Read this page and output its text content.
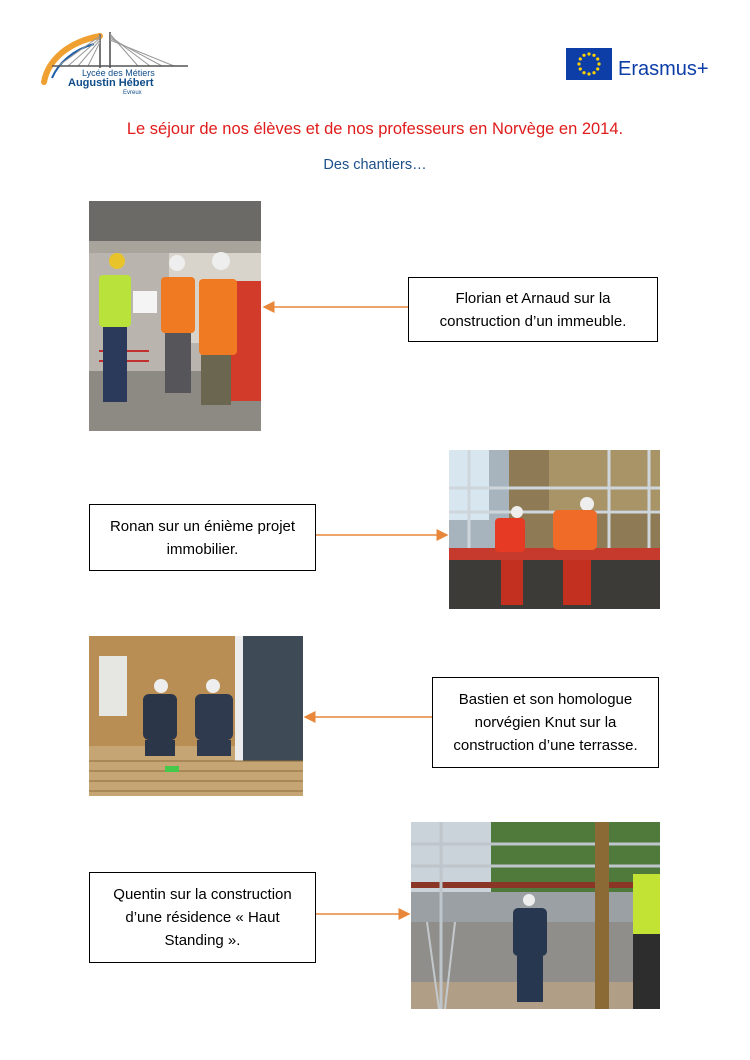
Lycée des Métiers
Augustin Hébert
Evreux
Erasmus+
Le séjour de nos élèves et de nos professeurs en Norvège en 2014.
Des chantiers…
Florian et Arnaud sur la
construction d’un immeuble.
Ronan sur un énième projet
immobilier.
Bastien et son homologue
norvégien Knut sur la
construction d’une terrasse.
Quentin sur la construction
d’une résidence « Haut
Standing ».
